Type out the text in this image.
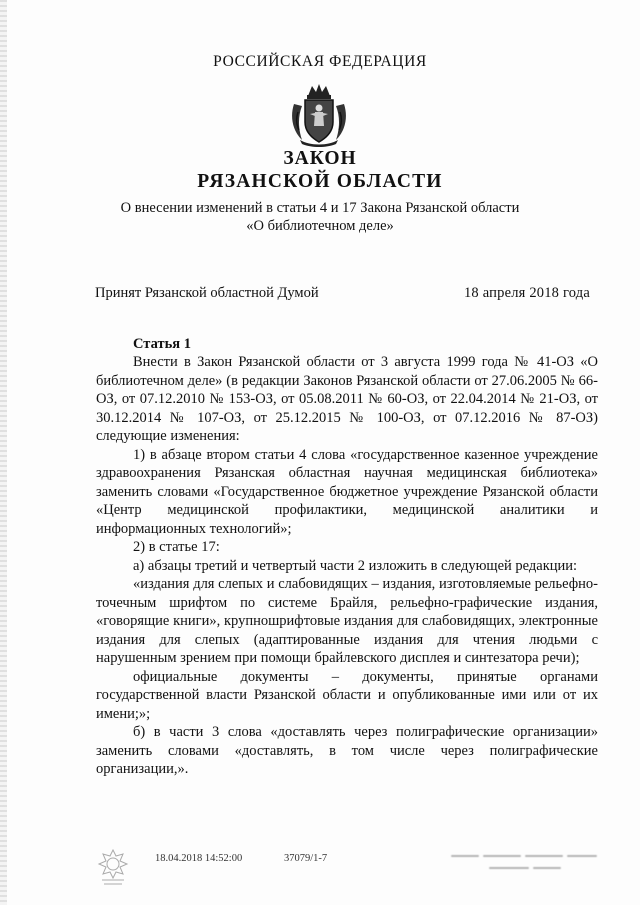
РОССИЙСКАЯ ФЕДЕРАЦИЯ
ЗАКОН
РЯЗАНСКОЙ ОБЛАСТИ
О внесении изменений в статьи 4 и 17 Закона Рязанской области
«О библиотечном деле»
Принят Рязанской областной Думой	18 апреля 2018 года
Статья 1

Внести в Закон Рязанской области от 3 августа 1999 года № 41-ОЗ «О библиотечном деле» (в редакции Законов Рязанской области от 27.06.2005 № 66-ОЗ, от 07.12.2010 № 153-ОЗ, от 05.08.2011 № 60-ОЗ, от 22.04.2014 № 21-ОЗ, от 30.12.2014 № 107-ОЗ, от 25.12.2015 № 100-ОЗ, от 07.12.2016 № 87-ОЗ) следующие изменения:

1) в абзаце втором статьи 4 слова «государственное казенное учреждение здравоохранения Рязанская областная научная медицинская библиотека» заменить словами «Государственное бюджетное учреждение Рязанской области «Центр медицинской профилактики, медицинской аналитики и информационных технологий»;

2) в статье 17:

а) абзацы третий и четвертый части 2 изложить в следующей редакции:

«издания для слепых и слабовидящих – издания, изготовляемые рельефно-точечным шрифтом по системе Брайля, рельефно-графические издания, «говорящие книги», крупношрифтовые издания для слабовидящих, электронные издания для слепых (адаптированные издания для чтения людьми с нарушенным зрением при помощи брайлевского дисплея и синтезатора речи);

официальные документы – документы, принятые органами государственной власти Рязанской области и опубликованные ими или от их имени;»;

б) в части 3 слова «доставлять через полиграфические организации» заменить словами «доставлять, в том числе через полиграфические организации,».

18.04.2018 14:52:00	37079/1-7
